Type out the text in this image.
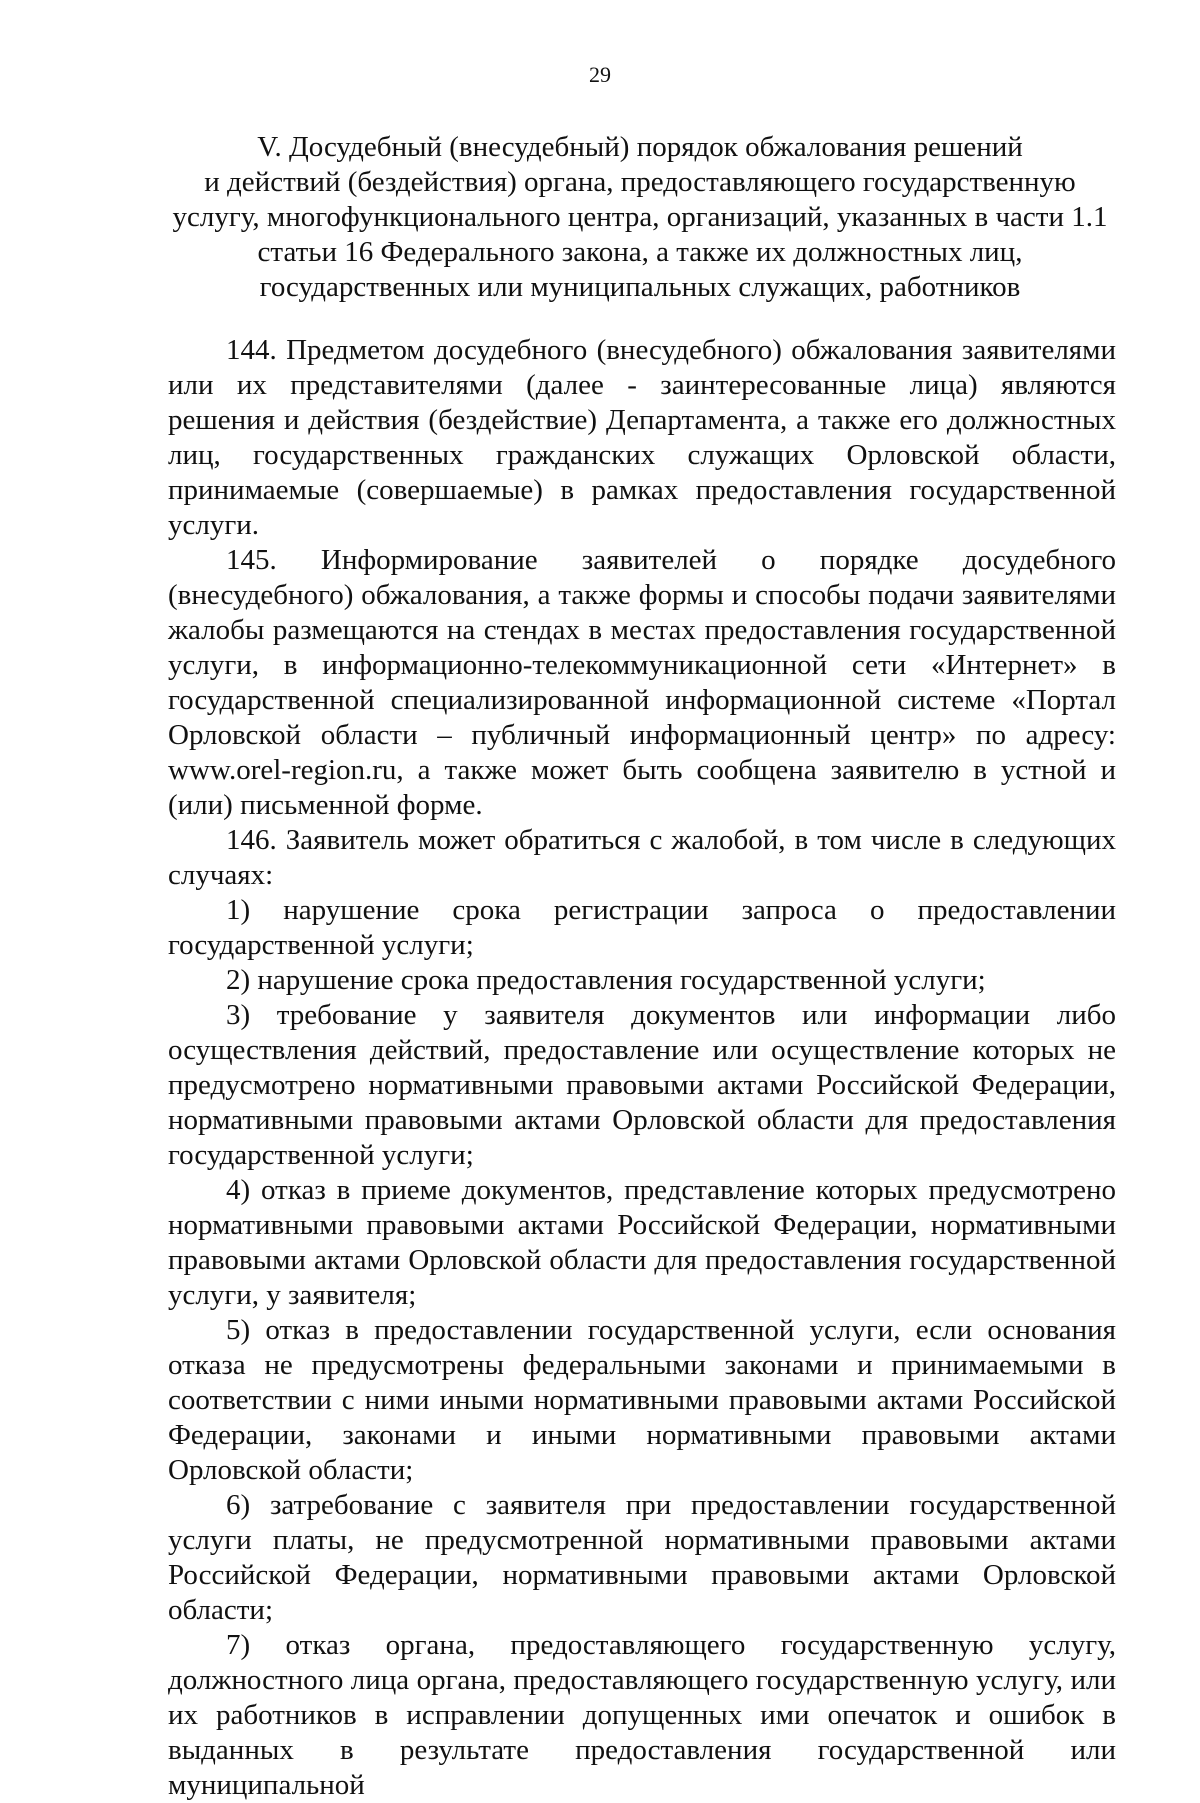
29
V. Досудебный (внесудебный) порядок обжалования решений
и действий (бездействия) органа, предоставляющего государственную
услугу, многофункционального центра, организаций, указанных в части 1.1
статьи 16 Федерального закона, а также их должностных лиц,
государственных или муниципальных служащих, работников

144. Предметом досудебного (внесудебного) обжалования заявителями или их представителями (далее - заинтересованные лица) являются решения и действия (бездействие) Департамента, а также его должностных лиц, государственных гражданских служащих Орловской области, принимаемые (совершаемые) в рамках предоставления государственной услуги.

145. Информирование заявителей о порядке досудебного (внесудебного) обжалования, а также формы и способы подачи заявителями жалобы размещаются на стендах в местах предоставления государственной услуги, в информационно-телекоммуникационной сети «Интернет» в государственной специализированной информационной системе «Портал Орловской области – публичный информационный центр» по адресу: www.orel-region.ru, а также может быть сообщена заявителю в устной и (или) письменной форме.

146. Заявитель может обратиться с жалобой, в том числе в следующих случаях:

1) нарушение срока регистрации запроса о предоставлении государственной услуги;

2) нарушение срока предоставления государственной услуги;

3) требование у заявителя документов или информации либо осуществления действий, предоставление или осуществление которых не предусмотрено нормативными правовыми актами Российской Федерации, нормативными правовыми актами Орловской области для предоставления государственной услуги;

4) отказ в приеме документов, представление которых предусмотрено нормативными правовыми актами Российской Федерации, нормативными правовыми актами Орловской области для предоставления государственной услуги, у заявителя;

5) отказ в предоставлении государственной услуги, если основания отказа не предусмотрены федеральными законами и принимаемыми в соответствии с ними иными нормативными правовыми актами Российской Федерации, законами и иными нормативными правовыми актами Орловской области;

6) затребование с заявителя при предоставлении государственной услуги платы, не предусмотренной нормативными правовыми актами Российской Федерации, нормативными правовыми актами Орловской области;

7) отказ органа, предоставляющего государственную услугу, должностного лица органа, предоставляющего государственную услугу, или их работников в исправлении допущенных ими опечаток и ошибок в выданных в результате предоставления государственной или муниципальной
